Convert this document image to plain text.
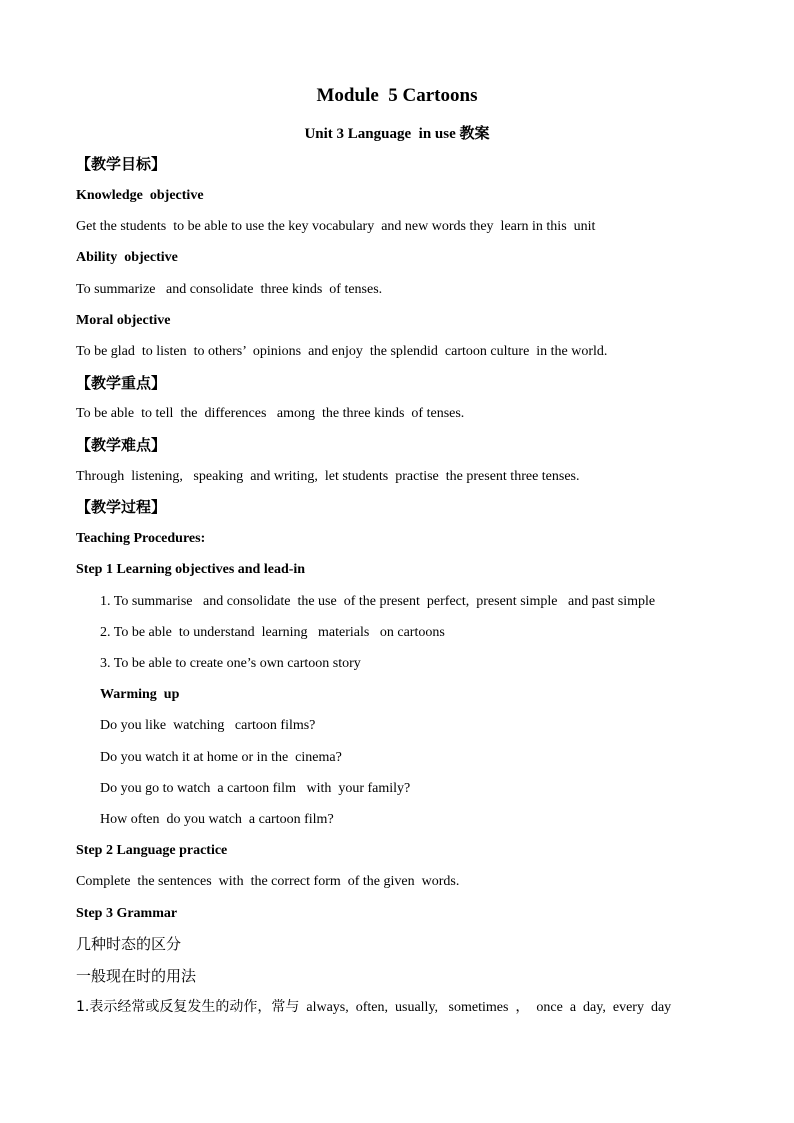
Module  5 Cartoons
Unit 3 Language  in use 教案
【教学目标】
Knowledge  objective
Get the students  to be able to use the key vocabulary  and new words they  learn in this  unit
Ability  objective
To summarize   and consolidate  three kinds  of tenses.
Moral objective
To be glad  to listen  to others’  opinions  and enjoy  the splendid  cartoon culture  in the world.
【教学重点】
To be able  to tell  the  differences   among  the three kinds  of tenses.
【教学难点】
Through  listening,   speaking  and writing,  let students  practise  the present three tenses.
【教学过程】
Teaching Procedures:
Step 1 Learning objectives and lead-in
1. To summarise   and consolidate  the use  of the present  perfect,  present simple   and past simple
2. To be able  to understand  learning   materials   on cartoons
3. To be able to create one’s own cartoon story
Warming  up
Do you like  watching   cartoon films?
Do you watch it at home or in the  cinema?
Do you go to watch  a cartoon film   with  your family?
How often  do you watch  a cartoon film?
Step 2 Language practice
Complete  the sentences  with  the correct form  of the given  words.
Step 3 Grammar
几种时态的区分
一般现在时的用法
1.表示经常或反复发生的动作，常与  always,  often,  usually,   sometimes  ，  once  a  day,  every  day
